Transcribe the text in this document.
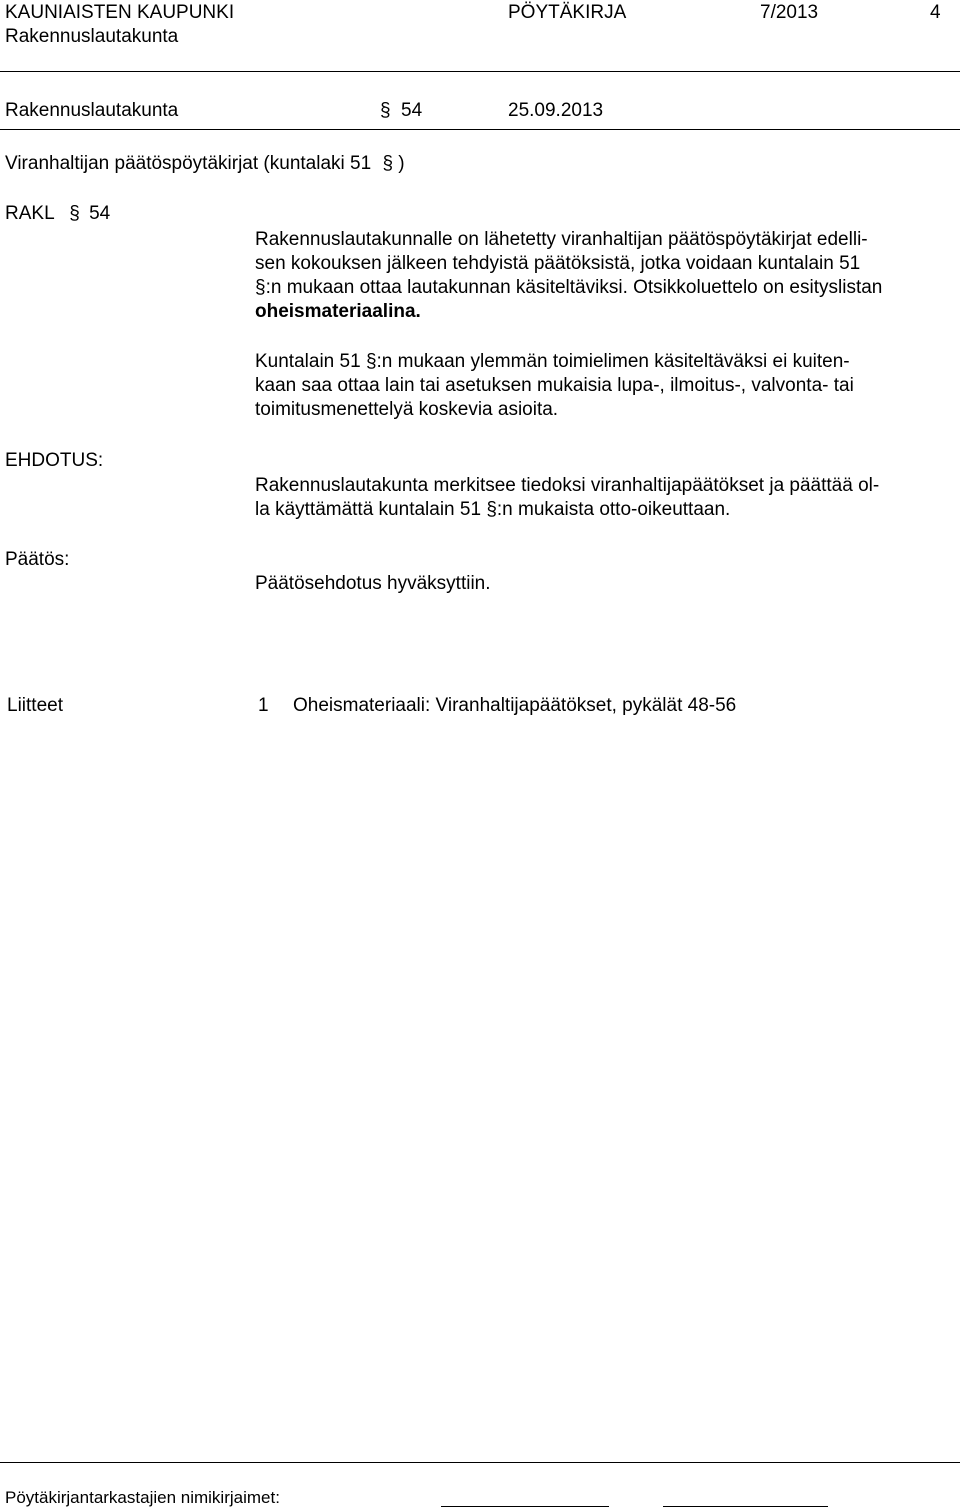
KAUNIAISTEN KAUPUNKI
Rakennuslautakunta
PÖYTÄKIRJA	7/2013	4
Rakennuslautakunta	§ 54	25.09.2013
Viranhaltijan päätöspöytäkirjat (kuntalaki 51 § )
RAKL § 54
Rakennuslautakunnalle on lähetetty viranhaltijan päätöspöytäkirjat edelli-
sen kokouksen jälkeen tehdyistä päätöksistä, jotka voidaan kuntalain 51
§:n mukaan ottaa lautakunnan käsiteltäviksi. Otsikkoluettelo on esityslistan
oheismateriaalina.
Kuntalain 51 §:n mukaan ylemmän toimielimen käsiteltäväksi ei kuiten-
kaan saa ottaa lain tai asetuksen mukaisia lupa-, ilmoitus-, valvonta- tai
toimitusmenettelyä koskevia asioita.
EHDOTUS:
Rakennuslautakunta merkitsee tiedoksi viranhaltijapäätökset ja päättää ol-
la käyttämättä kuntalain 51 §:n mukaista otto-oikeuttaan.
Päätös:
Päätösehdotus hyväksyttiin.
Liitteet	1 Oheismateriaali: Viranhaltijapäätökset, pykälät 48-56
Pöytäkirjantarkastajien nimikirjaimet:
